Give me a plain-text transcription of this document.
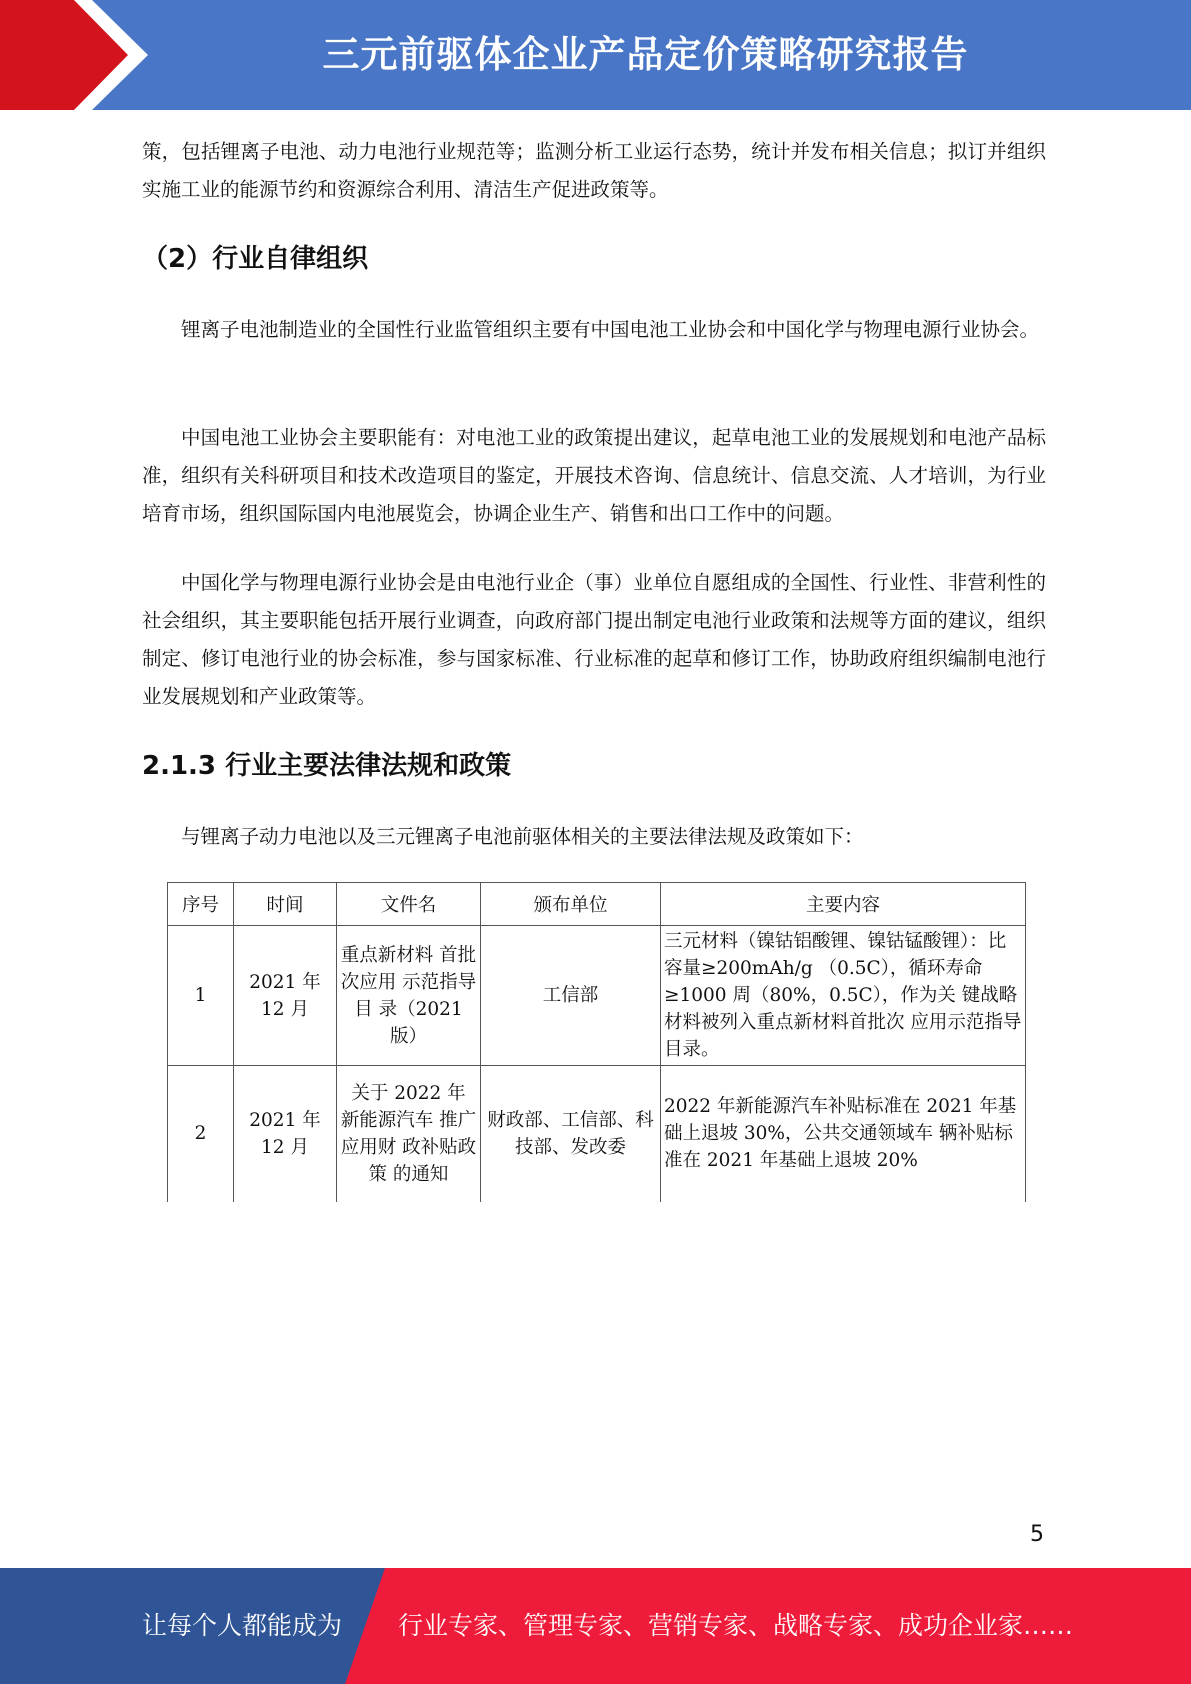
三元前驱体企业产品定价策略研究报告
策，包括锂离子电池、动力电池行业规范等；监测分析工业运行态势，统计并发布相关信息；拟订并组织实施工业的能源节约和资源综合利用、清洁生产促进政策等。
（2）行业自律组织
锂离子电池制造业的全国性行业监管组织主要有中国电池工业协会和中国化学与物理电源行业协会。
中国电池工业协会主要职能有：对电池工业的政策提出建议，起草电池工业的发展规划和电池产品标准，组织有关科研项目和技术改造项目的鉴定，开展技术咨询、信息统计、信息交流、人才培训，为行业培育市场，组织国际国内电池展览会，协调企业生产、销售和出口工作中的问题。
中国化学与物理电源行业协会是由电池行业企（事）业单位自愿组成的全国性、行业性、非营利性的社会组织，其主要职能包括开展行业调查，向政府部门提出制定电池行业政策和法规等方面的建议，组织制定、修订电池行业的协会标准，参与国家标准、行业标准的起草和修订工作，协助政府组织编制电池行业发展规划和产业政策等。
2.1.3 行业主要法律法规和政策
与锂离子动力电池以及三元锂离子电池前驱体相关的主要法律法规及政策如下：
序号	时间	文件名	颁布单位	主要内容
1	2021 年 12 月	重点新材料 首批次应用 示范指导目 录（2021 版）	工信部	三元材料（镍钴铝酸锂、镍钴锰酸锂）：比容量≥200mAh/g （0.5C），循环寿命≥1000 周（80%，0.5C），作为关 键战略材料被列入重点新材料首批次 应用示范指导目录。
2	2021 年 12 月	关于 2022 年 新能源汽车 推广应用财 政补贴政策 的通知	财政部、工信部、科技部、发改委	2022 年新能源汽车补贴标准在 2021 年基础上退坡 30%，公共交通领域车 辆补贴标准在 2021 年基础上退坡 20%
5
让每个人都能成为 行业专家、管理专家、营销专家、战略专家、成功企业家……
